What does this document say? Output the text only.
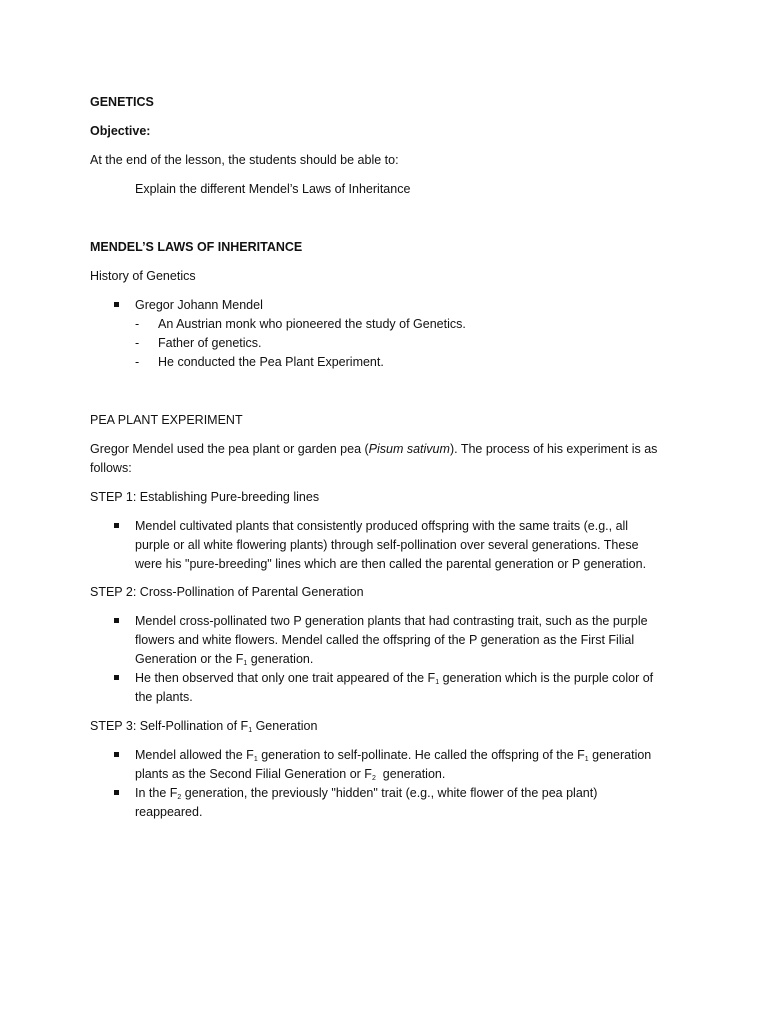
GENETICS
Objective:
At the end of the lesson, the students should be able to:
Explain the different Mendel’s Laws of Inheritance
MENDEL’S LAWS OF INHERITANCE
History of Genetics
Gregor Johann Mendel
- An Austrian monk who pioneered the study of Genetics.
- Father of genetics.
- He conducted the Pea Plant Experiment.
PEA PLANT EXPERIMENT
Gregor Mendel used the pea plant or garden pea (Pisum sativum). The process of his experiment is as
follows:
STEP 1: Establishing Pure-breeding lines
Mendel cultivated plants that consistently produced offspring with the same traits (e.g., all
purple or all white flowering plants) through self-pollination over several generations. These
were his "pure-breeding" lines which are then called the parental generation or P generation.
STEP 2: Cross-Pollination of Parental Generation
Mendel cross-pollinated two P generation plants that had contrasting trait, such as the purple
flowers and white flowers. Mendel called the offspring of the P generation as the First Filial
Generation or the $F_1$ generation.
He then observed that only one trait appeared of the $F_1$ generation which is the purple color of
the plants.
STEP 3: Self-Pollination of $F_1$ Generation
Mendel allowed the $F_1$ generation to self-pollinate. He called the offspring of the $F_1$ generation
plants as the Second Filial Generation or $F_2$  generation.
In the $F_2$ generation, the previously "hidden" trait (e.g., white flower of the pea plant)
reappeared.
